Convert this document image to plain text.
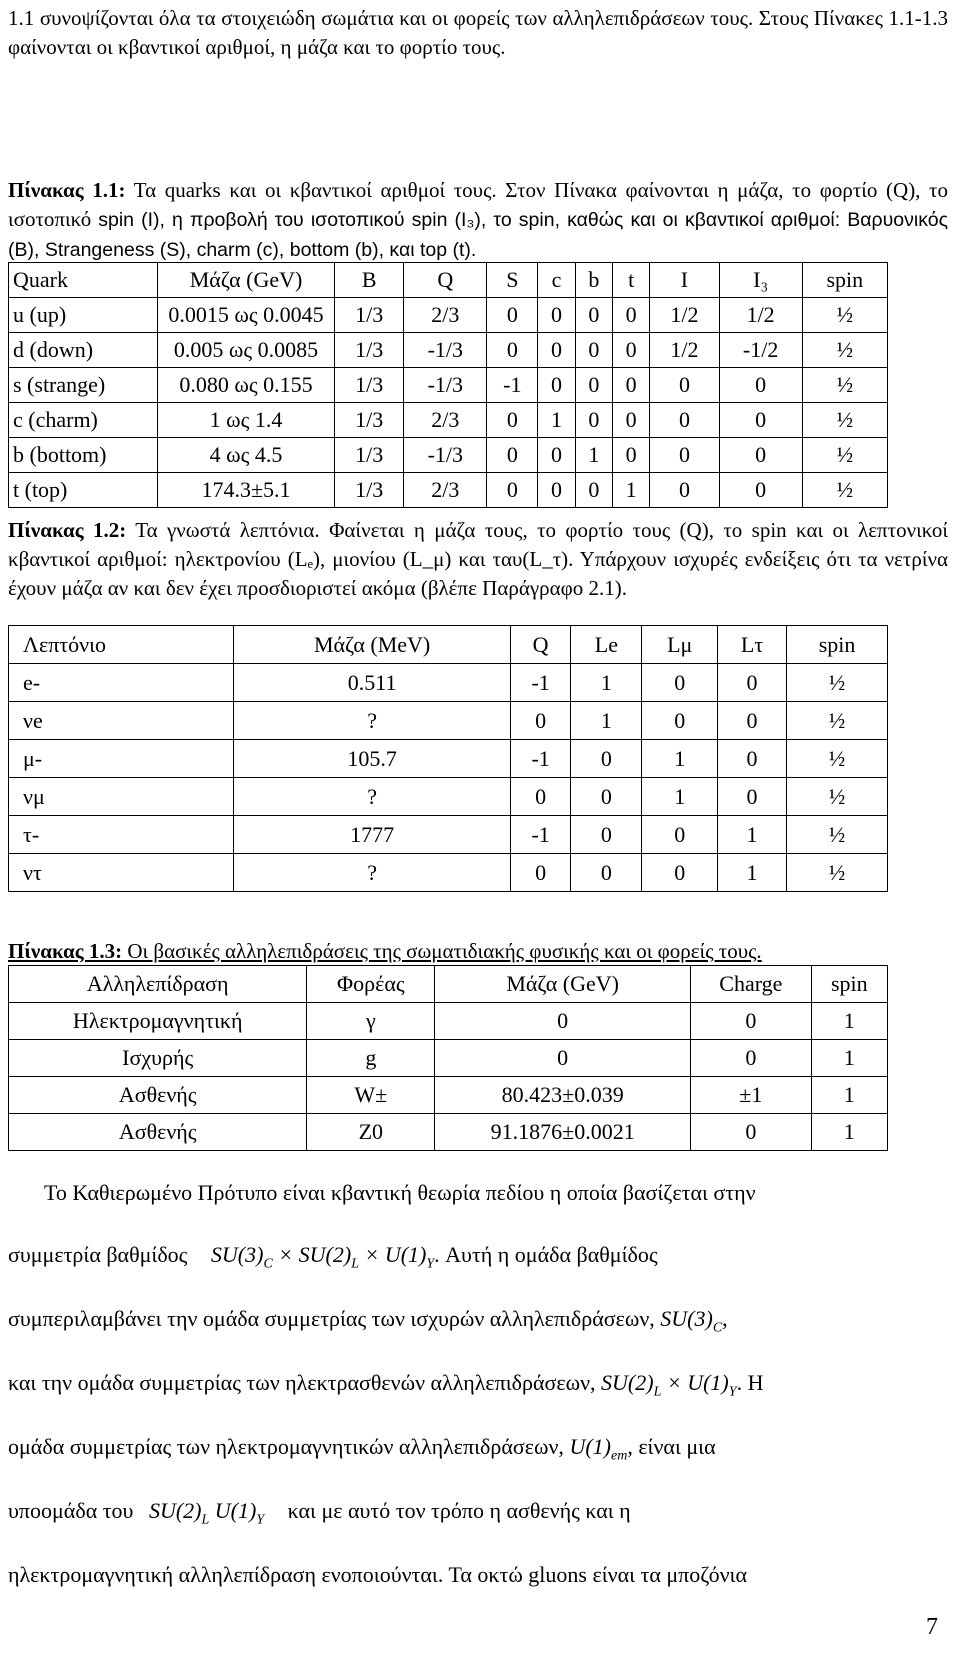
1.1 συνοψίζονται όλα τα στοιχειώδη σωμάτια και οι φορείς των αλληλεπιδράσεων τους. Στους Πίνακες 1.1-1.3 φαίνονται οι κβαντικοί αριθμοί, η μάζα και το φορτίο τους.
Πίνακας 1.1: Τα quarks και οι κβαντικοί αριθμοί τους. Στον Πίνακα φαίνονται η μάζα, το φορτίο (Q), το ισοτοπικό spin (I), η προβολή του ισοτοπικού spin (I₃), το spin, καθώς και οι κβαντικοί αριθμοί: Βαρυονικός (B), Strangeness (S), charm (c), bottom (b), και top (t).
Quark	Μάζα (GeV)	B	Q	S	c	b	t	I	I₃	spin
u (up)	0.0015 ως 0.0045	1/3	2/3	0	0	0	0	1/2	1/2	½
d (down)	0.005 ως 0.0085	1/3	-1/3	0	0	0	0	1/2	-1/2	½
s (strange)	0.080 ως 0.155	1/3	-1/3	-1	0	0	0	0	0	½
c (charm)	1 ως 1.4	1/3	2/3	0	1	0	0	0	0	½
b (bottom)	4 ως 4.5	1/3	-1/3	0	0	1	0	0	0	½
t (top)	174.3±5.1	1/3	2/3	0	0	0	1	0	0	½
Πίνακας 1.2: Τα γνωστά λεπτόνια. Φαίνεται η μάζα τους, το φορτίο τους (Q), το spin και οι λεπτονικοί κβαντικοί αριθμοί: ηλεκτρονίου (Lₑ), μιονίου (L_μ) και ταυ(L_τ). Υπάρχουν ισχυρές ενδείξεις ότι τα νετρίνα έχουν μάζα αν και δεν έχει προσδιοριστεί ακόμα (βλέπε Παράγραφο 2.1).
Λεπτόνιο	Μάζα (MeV)	Q	Le	Lμ	Lτ	spin
e-	0.511	-1	1	0	0	½
νe	?	0	1	0	0	½
μ-	105.7	-1	0	1	0	½
νμ	?	0	0	1	0	½
τ-	1777	-1	0	0	1	½
ντ	?	0	0	0	1	½
Πίνακας 1.3: Οι βασικές αλληλεπιδράσεις της σωματιδιακής φυσικής και οι φορείς τους.
Αλληλεπίδραση	Φορέας	Μάζα (GeV)	Charge	spin
Ηλεκτρομαγνητική	γ	0	0	1
Ισχυρής	g	0	0	1
Ασθενής	W±	80.423±0.039	±1	1
Ασθενής	Z0	91.1876±0.0021	0	1
Το Καθιερωμένο Πρότυπο είναι κβαντική θεωρία πεδίου η οποία βασίζεται στην
συμμετρία βαθμίδος $SU(3)_C \times SU(2)_L \times U(1)_Y$. Αυτή η ομάδα βαθμίδος
συμπεριλαμβάνει την ομάδα συμμετρίας των ισχυρών αλληλεπιδράσεων, $SU(3)_C$,
και την ομάδα συμμετρίας των ηλεκτρασθενών αλληλεπιδράσεων, $SU(2)_L \times U(1)_Y$. Η
ομάδα συμμετρίας των ηλεκτρομαγνητικών αλληλεπιδράσεων, $U(1)_{em}$, είναι μια
υποομάδα του $SU(2)_L$ $U(1)_Y$ και με αυτό τον τρόπο η ασθενής και η
ηλεκτρομαγνητική αλληλεπίδραση ενοποιούνται. Τα οκτώ gluons είναι τα μποζόνια
7
